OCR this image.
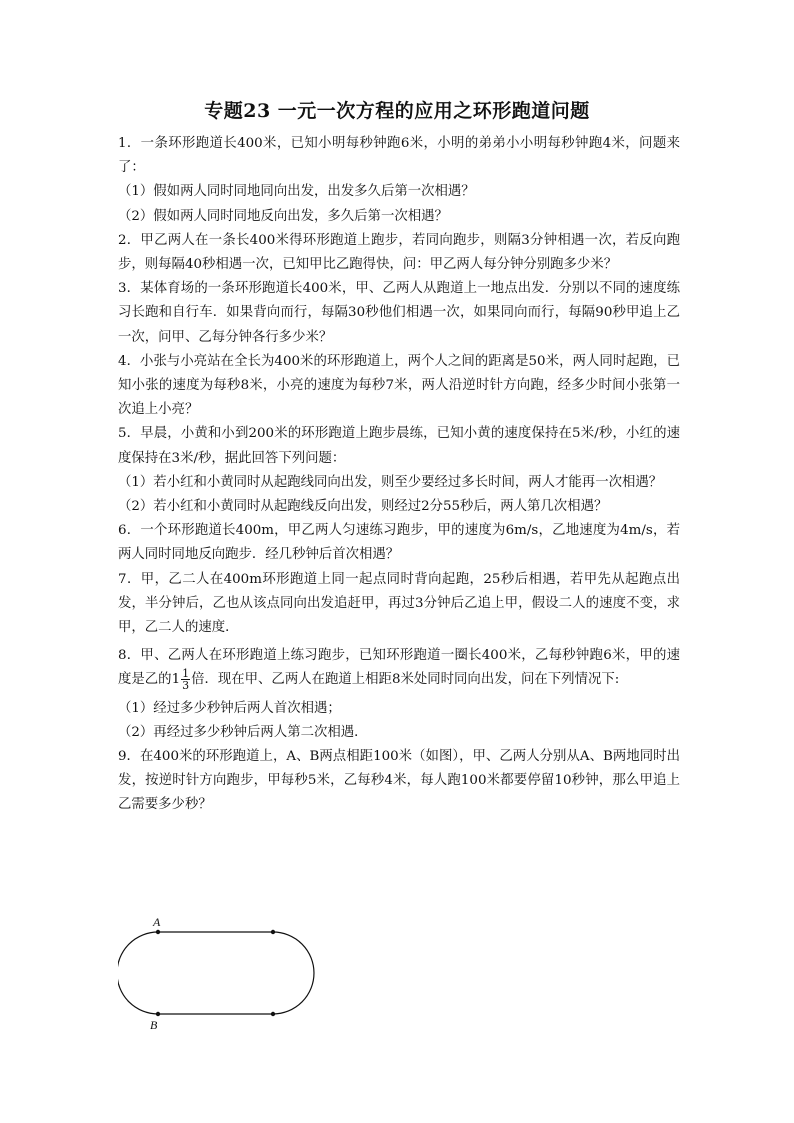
专题23 一元一次方程的应用之环形跑道问题

1．一条环形跑道长400米，已知小明每秒钟跑6米，小明的弟弟小小明每秒钟跑4米，问题来了：

（1）假如两人同时同地同向出发，出发多久后第一次相遇？

（2）假如两人同时同地反向出发，多久后第一次相遇？

2．甲乙两人在一条长400米得环形跑道上跑步，若同向跑步，则隔3分钟相遇一次，若反向跑步，则每隔40秒相遇一次，已知甲比乙跑得快，问：甲乙两人每分钟分别跑多少米？

3．某体育场的一条环形跑道长400米，甲、乙两人从跑道上一地点出发．分别以不同的速度练习长跑和自行车．如果背向而行，每隔30秒他们相遇一次，如果同向而行，每隔90秒甲追上乙一次，问甲、乙每分钟各行多少米？

4．小张与小亮站在全长为400米的环形跑道上，两个人之间的距离是50米，两人同时起跑，已知小张的速度为每秒8米，小亮的速度为每秒7米，两人沿逆时针方向跑，经多少时间小张第一次追上小亮？

5．早晨，小黄和小到200米的环形跑道上跑步晨练，已知小黄的速度保持在5米/秒，小红的速度保持在3米/秒，据此回答下列问题：

（1）若小红和小黄同时从起跑线同向出发，则至少要经过多长时间，两人才能再一次相遇？

（2）若小红和小黄同时从起跑线反向出发，则经过2分55秒后，两人第几次相遇？

6．一个环形跑道长400m，甲乙两人匀速练习跑步，甲的速度为6m/s，乙地速度为4m/s，若两人同时同地反向跑步．经几秒钟后首次相遇？

7．甲，乙二人在400m环形跑道上同一起点同时背向起跑，25秒后相遇，若甲先从起跑点出发，半分钟后，乙也从该点同向出发追赶甲，再过3分钟后乙追上甲，假设二人的速度不变，求甲，乙二人的速度．

8．甲、乙两人在环形跑道上练习跑步，已知环形跑道一圈长400米，乙每秒钟跑6米，甲的速度是乙的$1 \frac{1}{3}$ 倍．现在甲、乙两人在跑道上相距8米处同时同向出发，问在下列情况下:

（1）经过多少秒钟后两人首次相遇；

（2）再经过多少秒钟后两人第二次相遇．

9．在400米的环形跑道上，A、B两点相距100米（如图），甲、乙两人分别从A、B两地同时出发，按逆时针方向跑步，甲每秒5米，乙每秒4米，每人跑100米都要停留10秒钟，那么甲追上乙需要多少秒？

A
B
